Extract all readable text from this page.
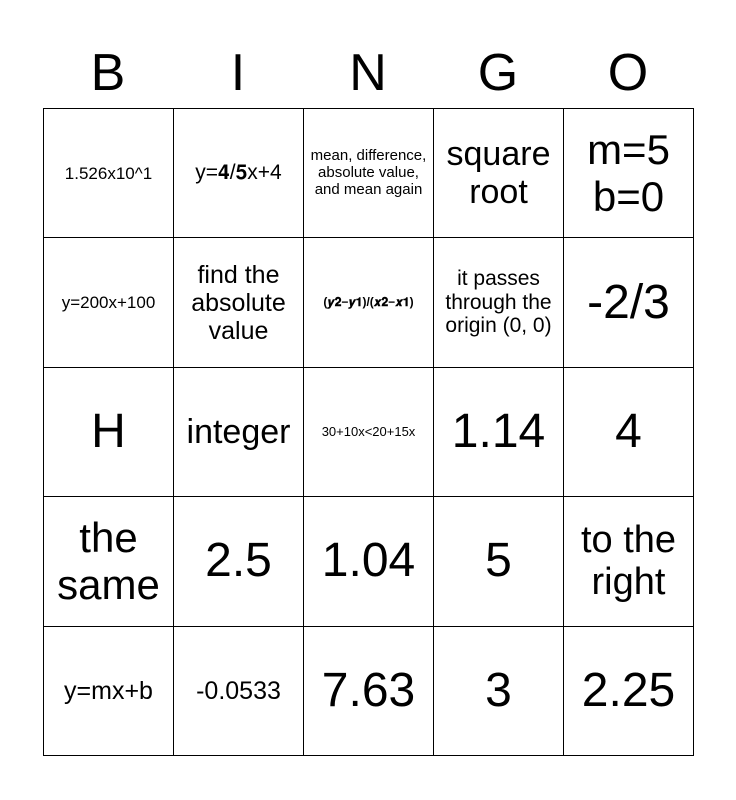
B	I	N	G	O
1.526x10^1	y=𝟒/𝟓x+4	mean, difference, absolute value, and mean again	square root	m=5 b=0
y=200x+100	find the absolute value	(𝒚𝟐−𝒚𝟏)/(𝒙𝟐−𝒙𝟏)	it passes through the origin (0, 0)	-2/3
H	integer	30+10x<20+15x	1.14	4
the same	2.5	1.04	5	to the right
y=mx+b	-0.0533	7.63	3	2.25
